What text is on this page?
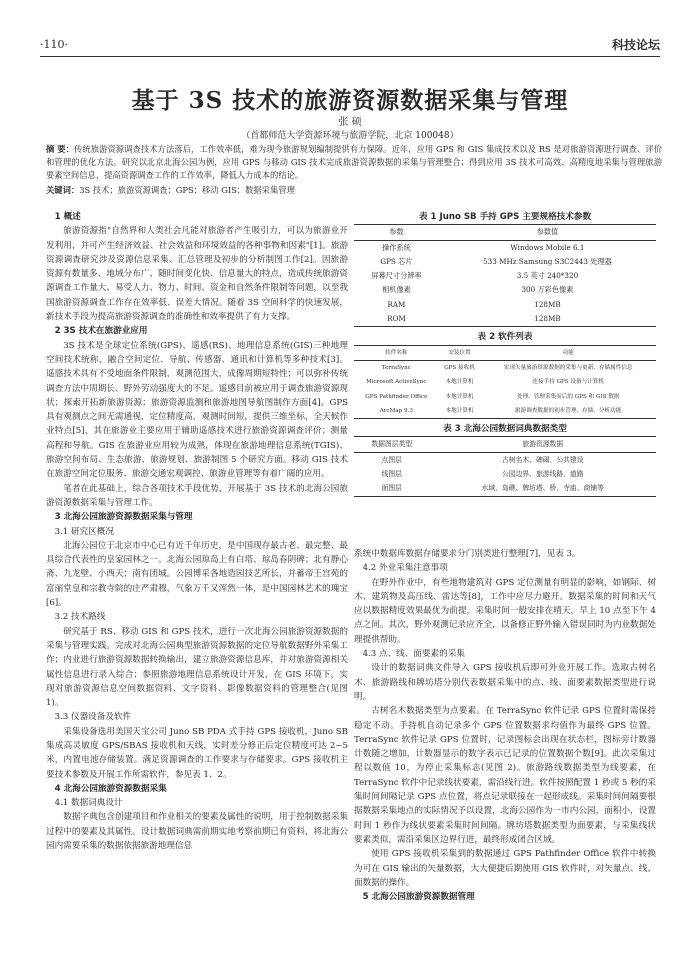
·110·	科技论坛
基于 3S 技术的旅游资源数据采集与管理
张 硕
（首都师范大学资源环境与旅游学院，北京 100048）
摘 要：传统旅游资源调查技术方法落后，工作效率低，难为现今旅游规划编制提供有力保障。近年，应用 GPS 和 GIS 集成技术以及 RS 是对旅游资源进行调查、评价和管理的优化方法。研究以北京北海公园为例，应用 GPS 与移动 GIS 技术完成旅游资源数据的采集与管理整合；得到应用 3S 技术可高效、高精度地采集与管理旅游要素空间信息，提高资源调查工作的工作效率，降低人力成本的结论。
关键词：3S 技术；旅游资源调查；GPS；移动 GIS；数据采集管理
1 概述

旅游资源指"自然界和人类社会凡能对旅游者产生吸引力，可以为旅游业开发利用，并可产生经济效益、社会效益和环境效益的各种事物和因素"[1]。旅游资源调查研究涉及资源信息采集、汇总管理及初步的分析制图工作[2]。因旅游资源有数量多、地域分布广、随时间变化快、信息量大的特点，造成传统旅游资源调查工作量大、易受人力、物力、时间、资金和自然条件限制等问题，以至我国旅游资源调查工作存在效率低、误差大情况。随着 3S 空间科学的快速发展，新技术手段为提高旅游资源调查的准确性和效率提供了有力支撑。

2 3S 技术在旅游业应用

3S 技术是全球定位系统(GPS)、遥感(RS)、地理信息系统(GIS)三种地理空间技术统称，融合空间定位、导航、传感器、通讯和计算机等多种技术[3]。遥感技术具有不受地面条件限制，观测范围大，成像周期短特性；可以弥补传统调查方法中周期长、野外劳动强度大的不足。遥感目前被应用于调查旅游资源现状；探索开拓新旅游资源；旅游资源监测和旅游地图导航图制作方面[4]。GPS 具有观测点之间无需通视，定位精度高，观测时间短，提供三维坐标，全天候作业特点[5]，其在旅游业主要应用于辅助遥感技术进行旅游资源调查评价；测量高程和导航。GIS 在旅游业应用较为成熟，体现在旅游地理信息系统(TGIS)、旅游空间布局、生态旅游、旅游规划、旅游制图 5 个研究方面。移动 GIS 技术在旅游空间定位服务、旅游交通宏观调控、旅游业管理等有着广阔的应用。

笔者在此基础上，综合各项技术手段优势，开展基于 3S 技术的北海公园旅游资源数据采集与管理工作。

3 北海公园旅游资源数据采集与管理
3.1 研究区概况

北海公园位于北京市中心已有近千年历史，是中国现存最古老、最完整、最具综合代表性的皇家园林之一。北海公园琼岛上有白塔、琼岛春阴碑；北有静心斋、九龙壁、小西天；南有团城。公园博采各地造园技艺所长，并蓄帝王宫苑的富丽堂皇和宗教寺院的庄严肃穆，气象万千又浑然一体，是中国园林艺术的瑰宝[6]。

3.2 技术路线

研究基于 RS、移动 GIS 和 GPS 技术，进行一次北海公园旅游资源数据的采集与管理实践。完成对北海公园典型旅游资源数据的定位导航数据野外采集工作；内业进行旅游资源数据转换输出，建立旅游资源信息库，并对旅游资源相关属性信息进行录入综合；参照旅游地理信息系统设计开发，在 GIS 环境下，实现对旅游资源信息空间数据资料、文字资料、影像数据资料的管理整合(见图 1)。

3.3 仪器设备及软件

采集设备选用美国天宝公司 Juno SB PDA 式手持 GPS 接收机，Juno SB 集成高灵敏度 GPS/SBAS 接收机和天线，实时差分修正后定位精度可达 2~5 米，内置电池存储装置。满足资源调查的工作要求与存储要求。GPS 接收机主要技术参数及开展工作所需软件，参见表 1、2。

4 北海公园旅游资源数据采集
4.1 数据词典设计

数据字典包含创建项目和作业相关的要素及属性的说明，用于控制数据采集过程中的要素及其属性。设计数据词典需前期实地考察前期已有资料，将北海公园内需要采集的数据依据旅游地理信息

表 1 Juno SB 手持 GPS 主要规格技术参数
参数	参数值
操作系统	Windows Mobile 6.1
GPS 芯片	533 MHz Samsung S3C2443 处理器
屏幕尺寸分辨率	3.5 英寸 240*320
相机像素	300 万彩色像素
RAM	128MB
ROM	128MB
表 2 软件列表
软件名称	安装位置	功能
TerraSync	GPS 接收机	实现矢量旅游资源数据的采集与更新、存储属性信息
Microsoft ActiveSync	本地计算机	连接手持 GPS 设备与计算机
GPS Pathfinder Office	本地计算机	处理、管理采集而后的 GPS 和 GIS 数据
ArcMap 9.3	本地计算机	旅游调查数据的初步管理、存储、分析功能
表 3 北海公园数据词典数据类型
数据图层类型	旅游资源数据
点图层	古树名木、碑碣、公共建设
线图层	公园边界、旅游线路、道路
面图层	水域、岛礁、牌坊塔、桥、寺庙、商铺等

系统中数据库数据存储要求分门别类进行整理[7]，见表 3。

4.2 外业采集注意事项

在野外作业中，有些地物建筑对 GPS 定位测量有明显的影响，如钢际、树木、建筑物及高压线、雷达等[8]，工作中应尽力避开。数据采集的时间和天气应以数据精度效果最优为前提，采集时间一般安排在晴天，早上 10 点至下午 4 点之间。其次，野外观测记录应齐全，以备修正野外输入错误同时为内业数据处理提供帮助。

4.3 点、线、面要素的采集

设计的数据词典文件导入 GPS 接收机后即可外业开展工作。选取古树名木、旅游路线和牌坊塔分别代表数据采集中的点、线、面要素数据类型进行说明。

古树名木数据类型为点要素。在 TerraSync 软件记录 GPS 位置时需保持稳定不动。手持机自动记录多个 GPS 位置数据求均值作为最终 GPS 位置。TerraSync 软件记录 GPS 位置时，记录图标会出现在状态栏，图标旁计数器计数随之增加，计数器显示的数字表示已记录的位置数据个数[9]。此次采集过程以数值 10，为停止采集标志(见图 2)。旅游路线数据类型为线要素，在 TerraSync 软件中记录线状要素，需沿线行进。软件按照配置 1 秒或 5 秒的采集时间间隔记录 GPS 点位置，将点记录联接在一起形成线。采集时间间隔要根据数据采集地点的实际情况予以设置，北海公园作为一市内公园，面积小，设置时间 1 秒作为线状要素采集时间间隔。牌坊塔数据类型为面要素，与采集线状要素类似，需沿采集区边界行进，最终形成闭合区域。

使用 GPS 接收机采集到的数据通过 GPS Pathfinder Office 软件中转换为可在 GIS 输出的矢量数据，大大便捷后期使用 GIS 软件时，对矢量点、线、面数据的操作。

5 北海公园旅游资源数据管理
